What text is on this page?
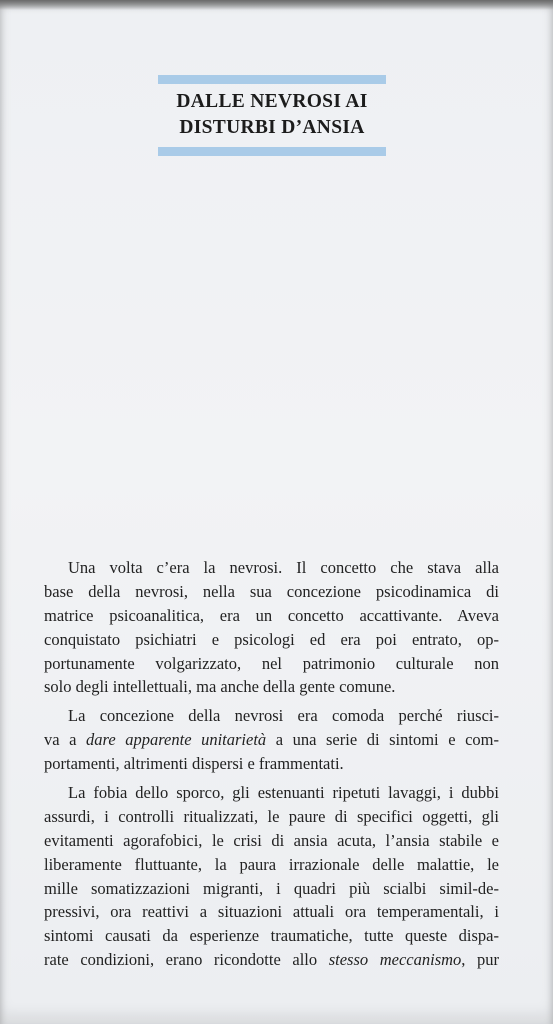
DALLE NEVROSI AI
DISTURBI D’ANSIA
Una volta c’era la nevrosi. Il concetto che stava alla
base della nevrosi, nella sua concezione psicodinamica di
matrice psicoanalitica, era un concetto accattivante. Aveva
conquistato psichiatri e psicologi ed era poi entrato, op-
portunamente volgarizzato, nel patrimonio culturale non
solo degli intellettuali, ma anche della gente comune.
La concezione della nevrosi era comoda perché riusci-
va a dare apparente unitarietà a una serie di sintomi e com-
portamenti, altrimenti dispersi e frammentati.
La fobia dello sporco, gli estenuanti ripetuti lavaggi, i dubbi
assurdi, i controlli ritualizzati, le paure di specifici oggetti, gli
evitamenti agorafobici, le crisi di ansia acuta, l’ansia stabile e
liberamente fluttuante, la paura irrazionale delle malattie, le
mille somatizzazioni migranti, i quadri più scialbi simil-de-
pressivi, ora reattivi a situazioni attuali ora temperamentali, i
sintomi causati da esperienze traumatiche, tutte queste dispa-
rate condizioni, erano ricondotte allo stesso meccanismo, pur
